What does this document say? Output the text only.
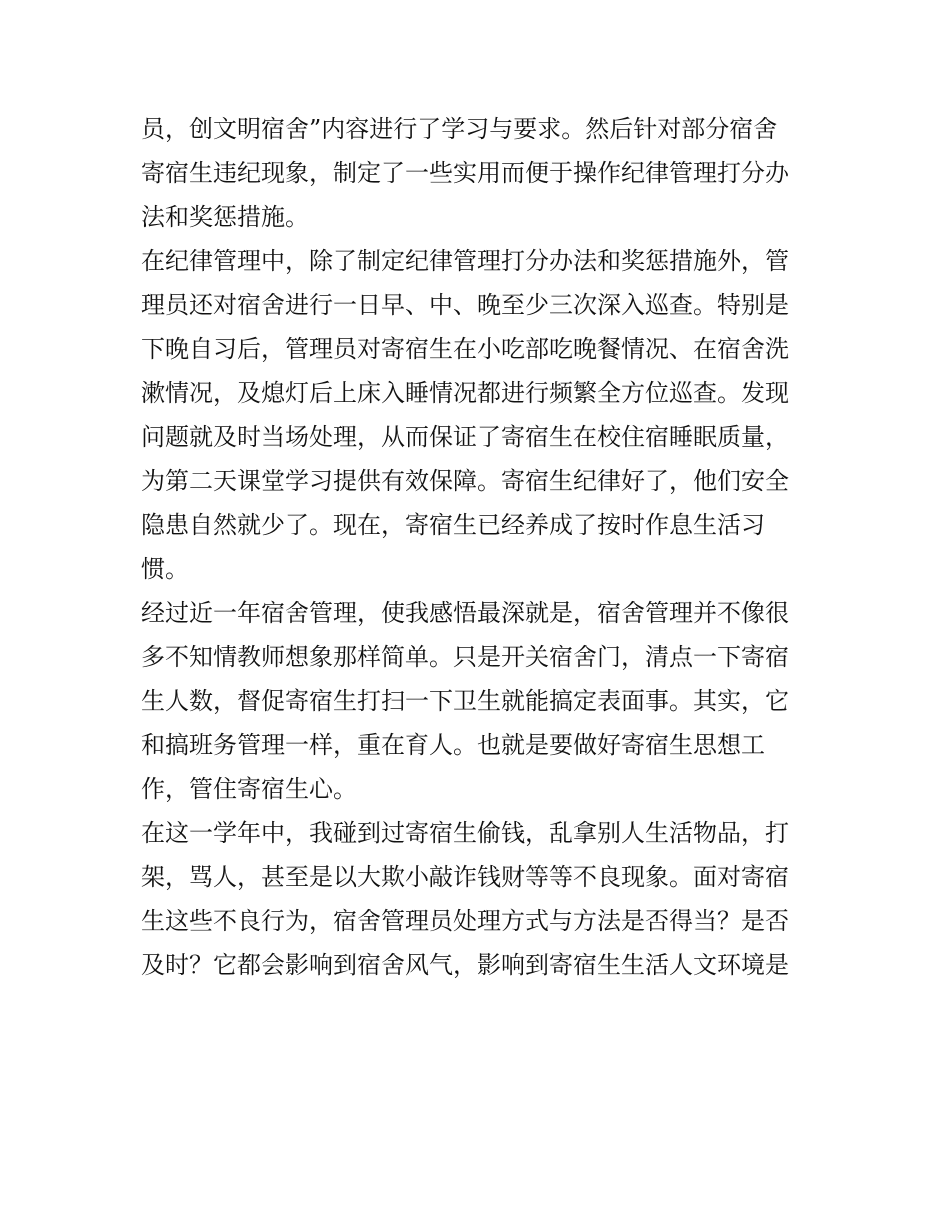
员，创文明宿舍”内容进行了学习与要求。然后针对部分宿舍
寄宿生违纪现象，制定了一些实用而便于操作纪律管理打分办
法和奖惩措施。
在纪律管理中，除了制定纪律管理打分办法和奖惩措施外，管
理员还对宿舍进行一日早、中、晚至少三次深入巡查。特别是
下晚自习后，管理员对寄宿生在小吃部吃晚餐情况、在宿舍洗
漱情况，及熄灯后上床入睡情况都进行频繁全方位巡查。发现
问题就及时当场处理，从而保证了寄宿生在校住宿睡眠质量，
为第二天课堂学习提供有效保障。寄宿生纪律好了，他们安全
隐患自然就少了。现在，寄宿生已经养成了按时作息生活习
惯。
经过近一年宿舍管理，使我感悟最深就是，宿舍管理并不像很
多不知情教师想象那样简单。只是开关宿舍门，清点一下寄宿
生人数，督促寄宿生打扫一下卫生就能搞定表面事。其实，它
和搞班务管理一样，重在育人。也就是要做好寄宿生思想工
作，管住寄宿生心。
在这一学年中，我碰到过寄宿生偷钱，乱拿别人生活物品，打
架，骂人，甚至是以大欺小敲诈钱财等等不良现象。面对寄宿
生这些不良行为，宿舍管理员处理方式与方法是否得当？是否
及时？它都会影响到宿舍风气，影响到寄宿生生活人文环境是
